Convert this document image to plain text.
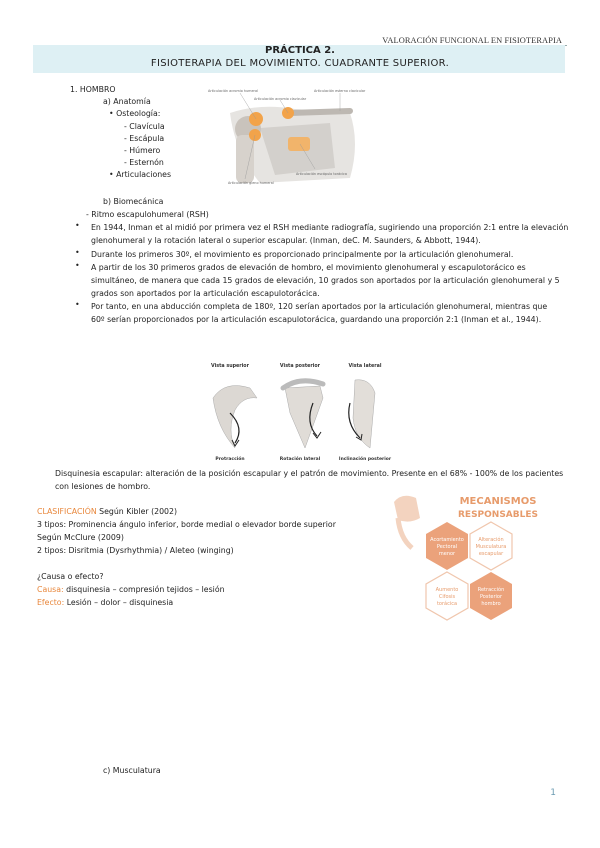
VALORACIÓN FUNCIONAL EN FISIOTERAPIA
PRÁCTICA 2.
FISIOTERAPIA DEL MOVIMIENTO. CUADRANTE SUPERIOR.
1. HOMBRO
a) Anatomía
• Osteología:
- Clavícula
- Escápula
- Húmero
- Esternón
• Articulaciones
b) Biomecánica
- Ritmo escapulohumeral (RSH)
Articulación acromio humeral
Articulación acromio clavicular
Articulación esterno clavicular
Articulación escápulo torácica
Articulación gleno humeral
• En 1944, Inman et al midió por primera vez el RSH mediante radiografía, sugiriendo una proporción 2:1 entre la elevación glenohumeral y la rotación lateral o superior escapular. (Inman, deC. M. Saunders, & Abbott, 1944).
• Durante los primeros 30º, el movimiento es proporcionado principalmente por la articulación glenohumeral.
• A partir de los 30 primeros grados de elevación de hombro, el movimiento glenohumeral y escapulotorácico es simultáneo, de manera que cada 15 grados de elevación, 10 grados son aportados por la articulación glenohumeral y 5 grados son aportados por la articulación escapulotorácica.
• Por tanto, en una abducción completa de 180º, 120 serían aportados por la articulación glenohumeral, mientras que 60º serían proporcionados por la articulación escapulotorácica, guardando una proporción 2:1 (Inman et al., 1944).
Vista superior	Vista posterior	Vista lateral
Protracción	Rotación lateral	Inclinación posterior
Disquinesia escapular: alteración de la posición escapular y el patrón de movimiento. Presente en el 68% - 100% de los pacientes con lesiones de hombro.
CLASIFICACIÓN Según Kibler (2002)
3 tipos: Prominencia ángulo inferior, borde medial o elevador borde superior
Según McClure (2009)
2 tipos: Disritmia (Dysrhythmia) / Aleteo (winging)
¿Causa o efecto?
Causa: disquinesia – compresión tejidos – lesión
Efecto: Lesión – dolor – disquinesia
MECANISMOS
RESPONSABLES
Acortamiento
Pectoral
menor
Alteración
Musculatura
escapular
Aumento
Cifosis
torácica
Retracción
Posterior
hombro
c) Musculatura
1
